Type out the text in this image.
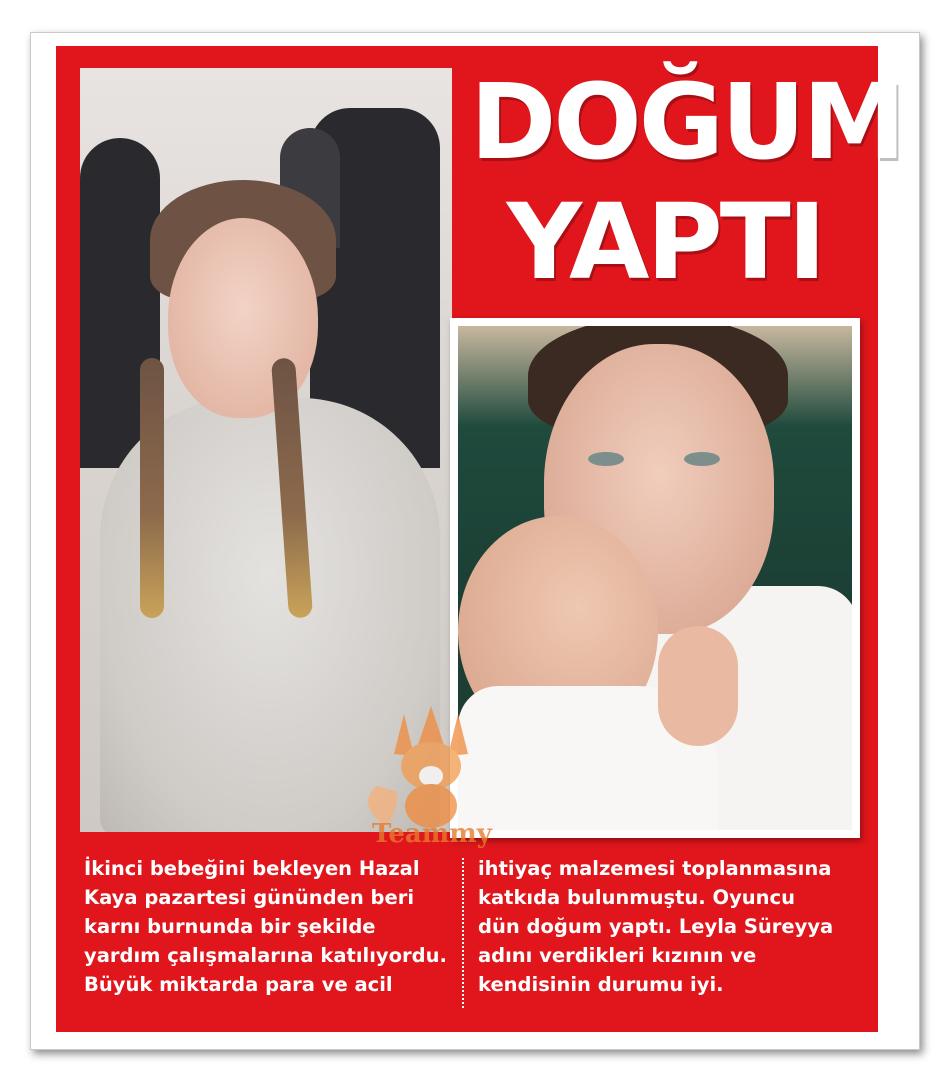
DOĞUM
YAPTI
Teammy
İkinci bebeğini bekleyen Hazal
Kaya pazartesi gününden beri
karnı burnunda bir şekilde
yardım çalışmalarına katılıyordu.
Büyük miktarda para ve acil
ihtiyaç malzemesi toplanmasına
katkıda bulunmuştu. Oyuncu
dün doğum yaptı. Leyla Süreyya
adını verdikleri kızının ve
kendisinin durumu iyi.
